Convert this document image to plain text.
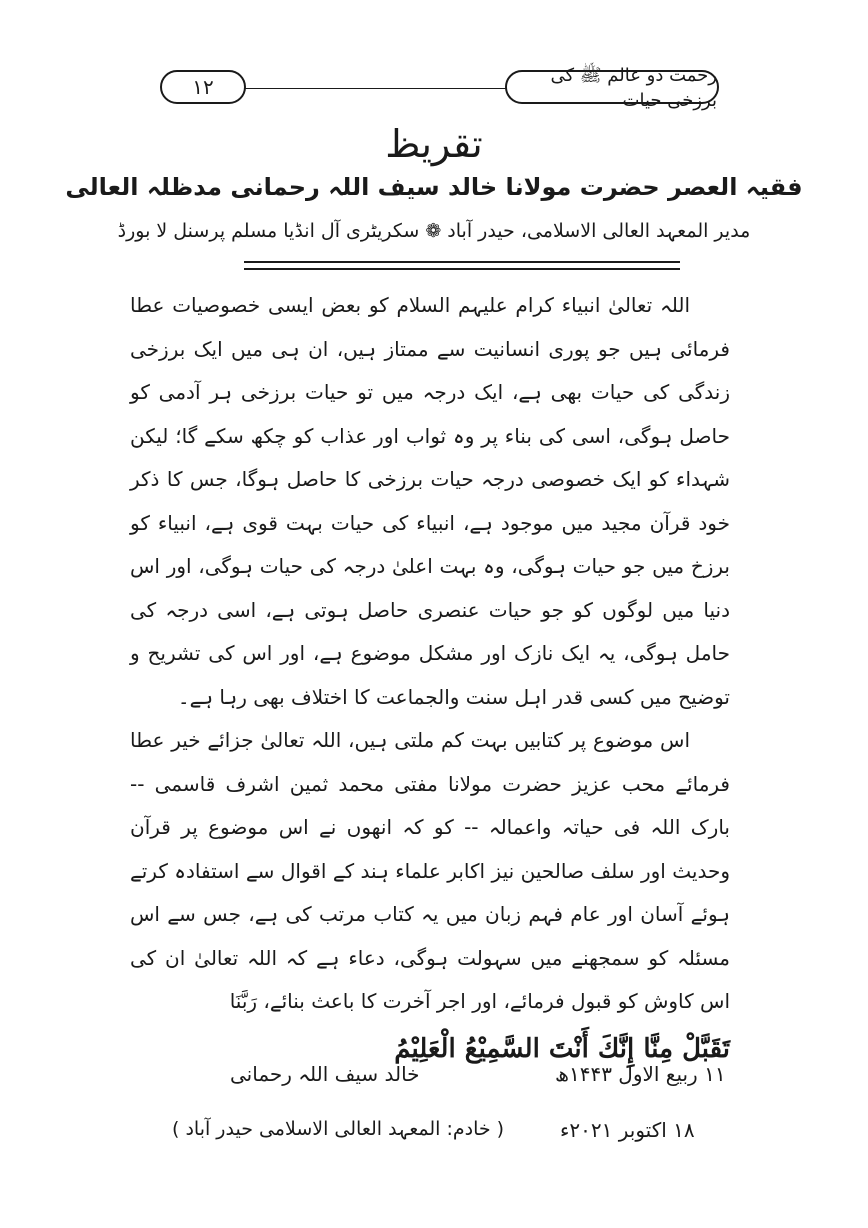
۱۲	رحمت دو عالم ﷺ کی برزخی حیات
تقریظ
فقیہ العصر حضرت مولانا خالد سیف اللہ رحمانی مدظلہ العالی
مدیر المعہد العالی الاسلامی، حیدر آباد ❁ سکریٹری آل انڈیا مسلم پرسنل لا بورڈ

اللہ تعالیٰ انبیاء کرام علیہم السلام کو بعض ایسی خصوصیات عطا فرمائی ہیں جو پوری انسانیت سے ممتاز ہیں، ان ہی میں ایک برزخی زندگی کی حیات بھی ہے، ایک درجہ میں تو حیات برزخی ہر آدمی کو حاصل ہوگی، اسی کی بناء پر وہ ثواب اور عذاب کو چکھ سکے گا؛ لیکن شہداء کو ایک خصوصی درجہ حیات برزخی کا حاصل ہوگا، جس کا ذکر خود قرآن مجید میں موجود ہے، انبیاء کی حیات بہت قوی ہے، انبیاء کو برزخ میں جو حیات ہوگی، وہ بہت اعلیٰ درجہ کی حیات ہوگی، اور اس دنیا میں لوگوں کو جو حیات عنصری حاصل ہوتی ہے، اسی درجہ کی حامل ہوگی، یہ ایک نازک اور مشکل موضوع ہے، اور اس کی تشریح و توضیح میں کسی قدر اہل سنت والجماعت کا اختلاف بھی رہا ہے۔

اس موضوع پر کتابیں بہت کم ملتی ہیں، اللہ تعالیٰ جزائے خیر عطا فرمائے محب عزیز حضرت مولانا مفتی محمد ثمین اشرف قاسمی -- بارک اللہ فی حیاتہ واعمالہ -- کو کہ انھوں نے اس موضوع پر قرآن وحدیث اور سلف صالحین نیز اکابر علماء ہند کے اقوال سے استفادہ کرتے ہوئے آسان اور عام فہم زبان میں یہ کتاب مرتب کی ہے، جس سے اس مسئلہ کو سمجھنے میں سہولت ہوگی، دعاء ہے کہ اللہ تعالیٰ ان کی اس کاوش کو قبول فرمائے، اور اجر آخرت کا باعث بنائے، رَبَّنَا

تَقَبَّلْ مِنَّا إِنَّكَ أَنْتَ السَّمِيْعُ الْعَلِيْمُ

خالد سیف اللہ رحمانی
( خادم: المعہد العالی الاسلامی حیدر آباد )
۱۱ ربیع الاول ۱۴۴۳ھ
۱۸ اکتوبر ۲۰۲۱ء
